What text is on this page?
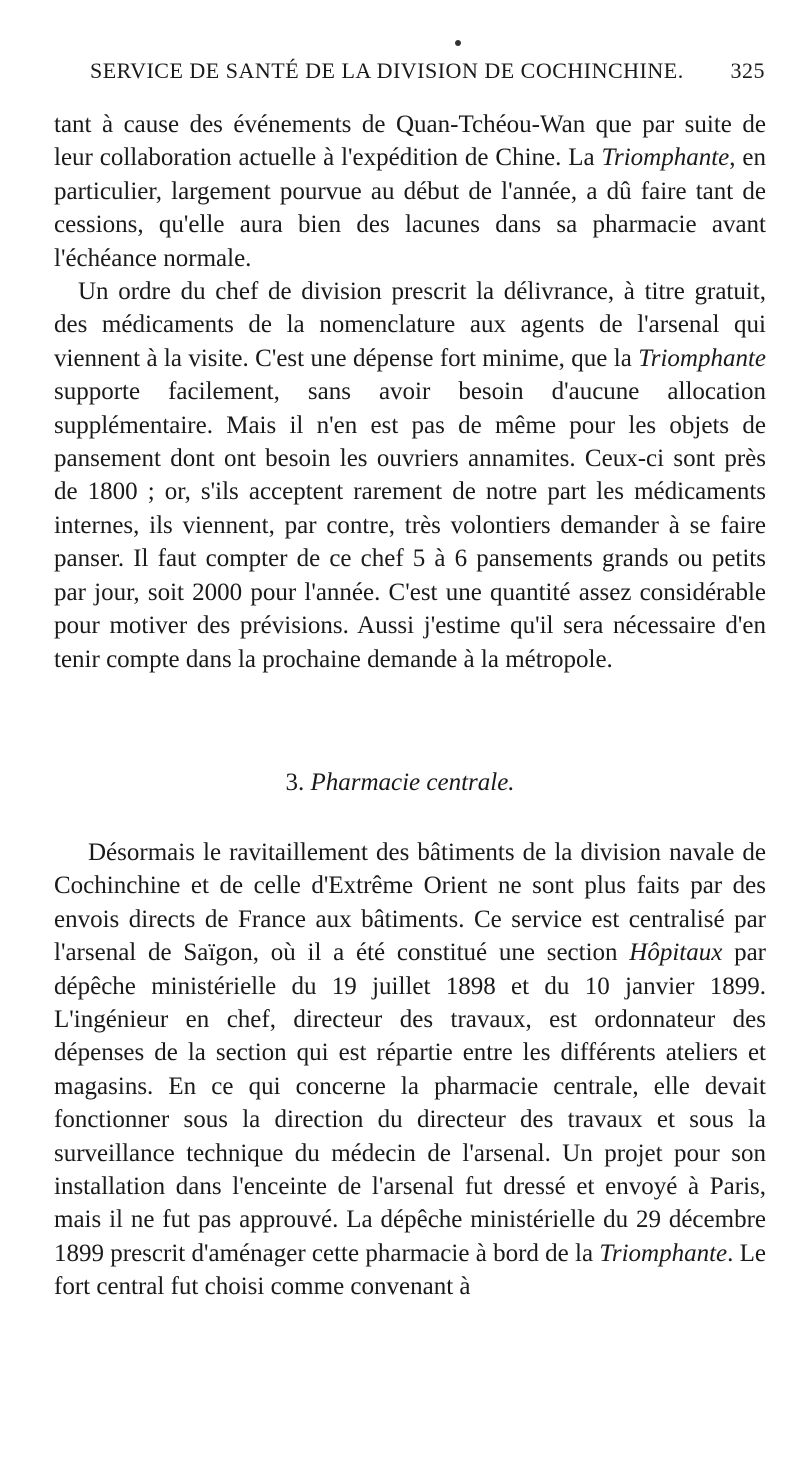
SERVICE DE SANTÉ DE LA DIVISION DE COCHINCHINE. 325

tant à cause des événements de Quan-Tchéou-Wan que par suite de leur collaboration actuelle à l'expédition de Chine. La Triomphante, en particulier, largement pourvue au début de l'année, a dû faire tant de cessions, qu'elle aura bien des lacunes dans sa pharmacie avant l'échéance normale.

Un ordre du chef de division prescrit la délivrance, à titre gratuit, des médicaments de la nomenclature aux agents de l'arsenal qui viennent à la visite. C'est une dépense fort minime, que la Triomphante supporte facilement, sans avoir besoin d'aucune allocation supplémentaire. Mais il n'en est pas de même pour les objets de pansement dont ont besoin les ouvriers annamites. Ceux-ci sont près de 1800 ; or, s'ils acceptent rarement de notre part les médicaments internes, ils viennent, par contre, très volontiers demander à se faire panser. Il faut compter de ce chef 5 à 6 pansements grands ou petits par jour, soit 2000 pour l'année. C'est une quantité assez considérable pour motiver des prévisions. Aussi j'estime qu'il sera nécessaire d'en tenir compte dans la prochaine demande à la métropole.

3. Pharmacie centrale.

Désormais le ravitaillement des bâtiments de la division navale de Cochinchine et de celle d'Extrême Orient ne sont plus faits par des envois directs de France aux bâtiments. Ce service est centralisé par l'arsenal de Saïgon, où il a été constitué une section Hôpitaux par dépêche ministérielle du 19 juillet 1898 et du 10 janvier 1899. L'ingénieur en chef, directeur des travaux, est ordonnateur des dépenses de la section qui est répartie entre les différents ateliers et magasins. En ce qui concerne la pharmacie centrale, elle devait fonctionner sous la direction du directeur des travaux et sous la surveillance technique du médecin de l'arsenal. Un projet pour son installation dans l'enceinte de l'arsenal fut dressé et envoyé à Paris, mais il ne fut pas approuvé. La dépêche ministérielle du 29 décembre 1899 prescrit d'aménager cette pharmacie à bord de la Triomphante. Le fort central fut choisi comme convenant à
